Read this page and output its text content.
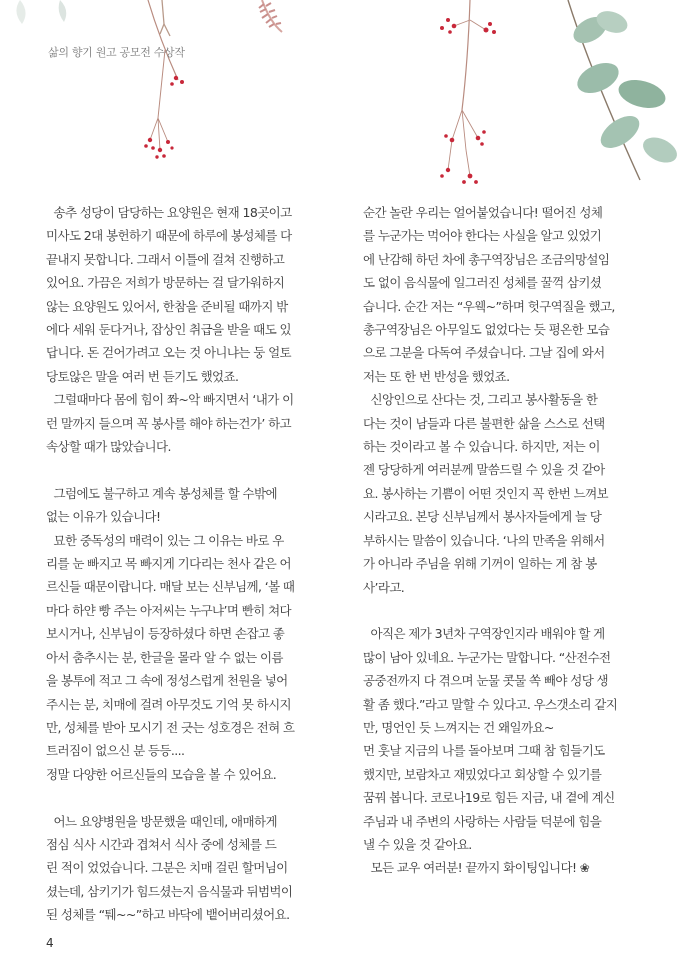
삶의 향기 원고 공모전 수상작

송추 성당이 담당하는 요양원은 현재 18곳이고

미사도 2대 봉헌하기 때문에 하루에 봉성체를 다

끝내지 못합니다. 그래서 이틀에 걸쳐 진행하고

있어요. 가끔은 저희가 방문하는 걸 달가워하지

않는 요양원도 있어서, 한참을 준비될 때까지 밖

에다 세워 둔다거나, 잡상인 취급을 받을 때도 있

답니다. 돈 걷어가려고 오는 것 아니냐는 둥 얼토

당토않은 말을 여러 번 듣기도 했었죠.

그럴때마다 몸에 힘이 쫘~악 빠지면서 ‘내가 이

런 말까지 들으며 꼭 봉사를 해야 하는건가’ 하고

속상할 때가 많았습니다.

그럼에도 불구하고 계속 봉성체를 할 수밖에

없는 이유가 있습니다!

묘한 중독성의 매력이 있는 그 이유는 바로 우

리를 눈 빠지고 목 빠지게 기다리는 천사 같은 어

르신들 때문이랍니다. 매달 보는 신부님께, ‘볼 때

마다 하얀 빵 주는 아저씨는 누구냐’며 빤히 쳐다

보시거나, 신부님이 등장하셨다 하면 손잡고 좋

아서 춤추시는 분, 한글을 몰라 알 수 없는 이름

을 봉투에 적고 그 속에 정성스럽게 천원을 넣어

주시는 분, 치매에 걸려 아무것도 기억 못 하시지

만, 성체를 받아 모시기 전 긋는 성호경은 전혀 흐

트러짐이 없으신 분 등등....

정말 다양한 어르신들의 모습을 볼 수 있어요.

어느 요양병원을 방문했을 때인데, 애매하게

점심 식사 시간과 겹쳐서 식사 중에 성체를 드

린 적이 었었습니다. 그분은 치매 걸린 할머님이

셨는데, 삼키기가 힘드셨는지 음식물과 뒤범벅이

된 성체를 “퉤~~”하고 바닥에 뱉어버리셨어요.

순간 놀란 우리는 얼어붙었습니다! 떨어진 성체

를 누군가는 먹어야 한다는 사실을 알고 있었기

에 난감해 하던 차에 총구역장님은 조금의망설임

도 없이 음식물에 일그러진 성체를 꿀꺽 삼키셨

습니다. 순간 저는 “우웩~”하며 헛구역질을 했고,

총구역장님은 아무일도 없었다는 듯 평온한 모습

으로 그분을 다독여 주셨습니다. 그날 집에 와서

저는 또 한 번 반성을 했었죠.

신앙인으로 산다는 것, 그리고 봉사활동을 한

다는 것이 남들과 다른 불편한 삶을 스스로 선택

하는 것이라고 볼 수 있습니다. 하지만, 저는 이

젠 당당하게 여러분께 말씀드릴 수 있을 것 같아

요. 봉사하는 기쁨이 어떤 것인지 꼭 한번 느껴보

시라고요. 본당 신부님께서 봉사자들에게 늘 당

부하시는 말씀이 있습니다. ‘나의 만족을 위해서

가 아니라 주님을 위해 기꺼이 일하는 게 참 봉

사’라고.

아직은 제가 3년차 구역장인지라 배워야 할 게

많이 남아 있네요. 누군가는 말합니다. “산전수전

공중전까지 다 겪으며 눈물 콧물 쏙 빼야 성당 생

활 좀 했다.”라고 말할 수 있다고. 우스갯소리 같지

만, 명언인 듯 느껴지는 건 왜일까요~

먼 훗날 지금의 나를 돌아보며 그때 참 힘들기도

했지만, 보람차고 재밌었다고 회상할 수 있기를

꿈꿔 봅니다. 코로나19로 힘든 지금, 내 곁에 계신

주님과 내 주변의 사랑하는 사람들 덕분에 힘을

낼 수 있을 것 같아요.

모든 교우 여러분! 끝까지 화이팅입니다! ❀

4
